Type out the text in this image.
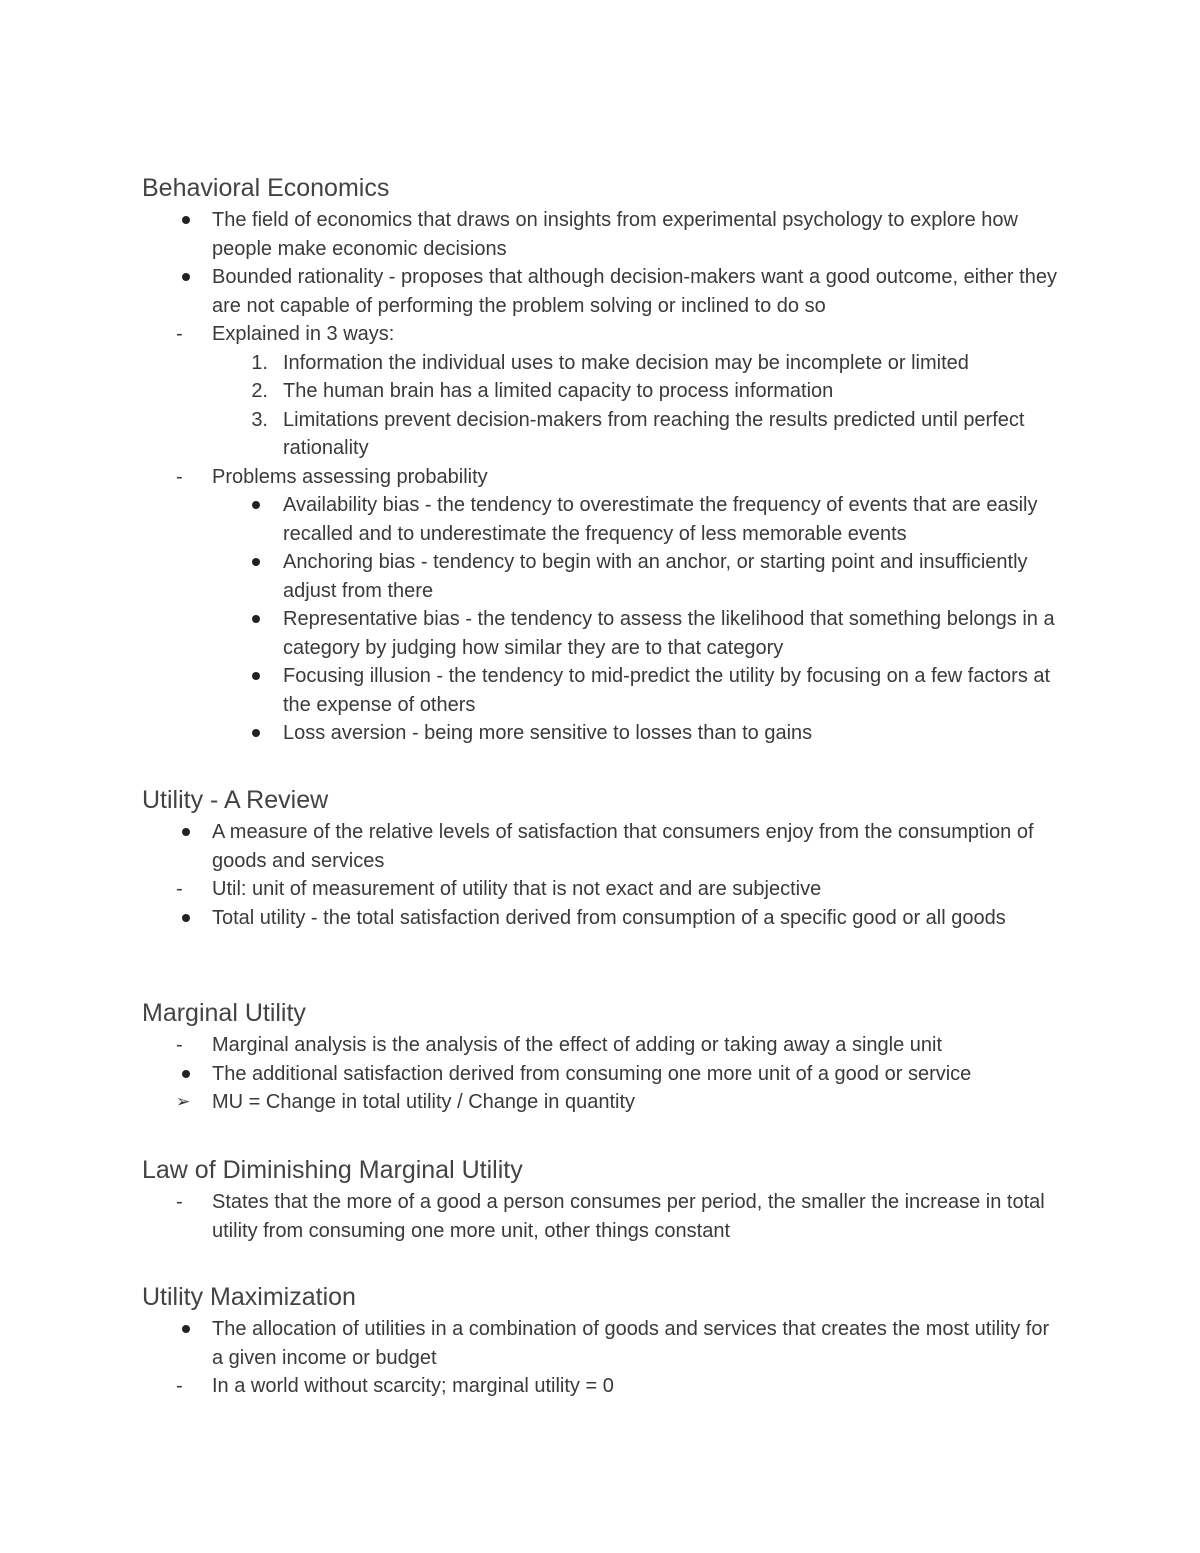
Behavioral Economics
The field of economics that draws on insights from experimental psychology to explore how people make economic decisions
Bounded rationality - proposes that although decision-makers want a good outcome, either they are not capable of performing the problem solving or inclined to do so
-	Explained in 3 ways:
1. Information the individual uses to make decision may be incomplete or limited
2. The human brain has a limited capacity to process information
3. Limitations prevent decision-makers from reaching the results predicted until perfect rationality
-	Problems assessing probability
Availability bias - the tendency to overestimate the frequency of events that are easily recalled and to underestimate the frequency of less memorable events
Anchoring bias - tendency to begin with an anchor, or starting point and insufficiently adjust from there
Representative bias - the tendency to assess the likelihood that something belongs in a category by judging how similar they are to that category
Focusing illusion - the tendency to mid-predict the utility by focusing on a few factors at the expense of others
Loss aversion - being more sensitive to losses than to gains
Utility - A Review
A measure of the relative levels of satisfaction that consumers enjoy from the consumption of goods and services
-	Util: unit of measurement of utility that is not exact and are subjective
Total utility - the total satisfaction derived from consumption of a specific good or all goods
Marginal Utility
-	Marginal analysis is the analysis of the effect of adding or taking away a single unit
The additional satisfaction derived from consuming one more unit of a good or service
➢	MU = Change in total utility / Change in quantity
Law of Diminishing Marginal Utility
-	States that the more of a good a person consumes per period, the smaller the increase in total utility from consuming one more unit, other things constant
Utility Maximization
The allocation of utilities in a combination of goods and services that creates the most utility for a given income or budget
-	In a world without scarcity; marginal utility = 0
